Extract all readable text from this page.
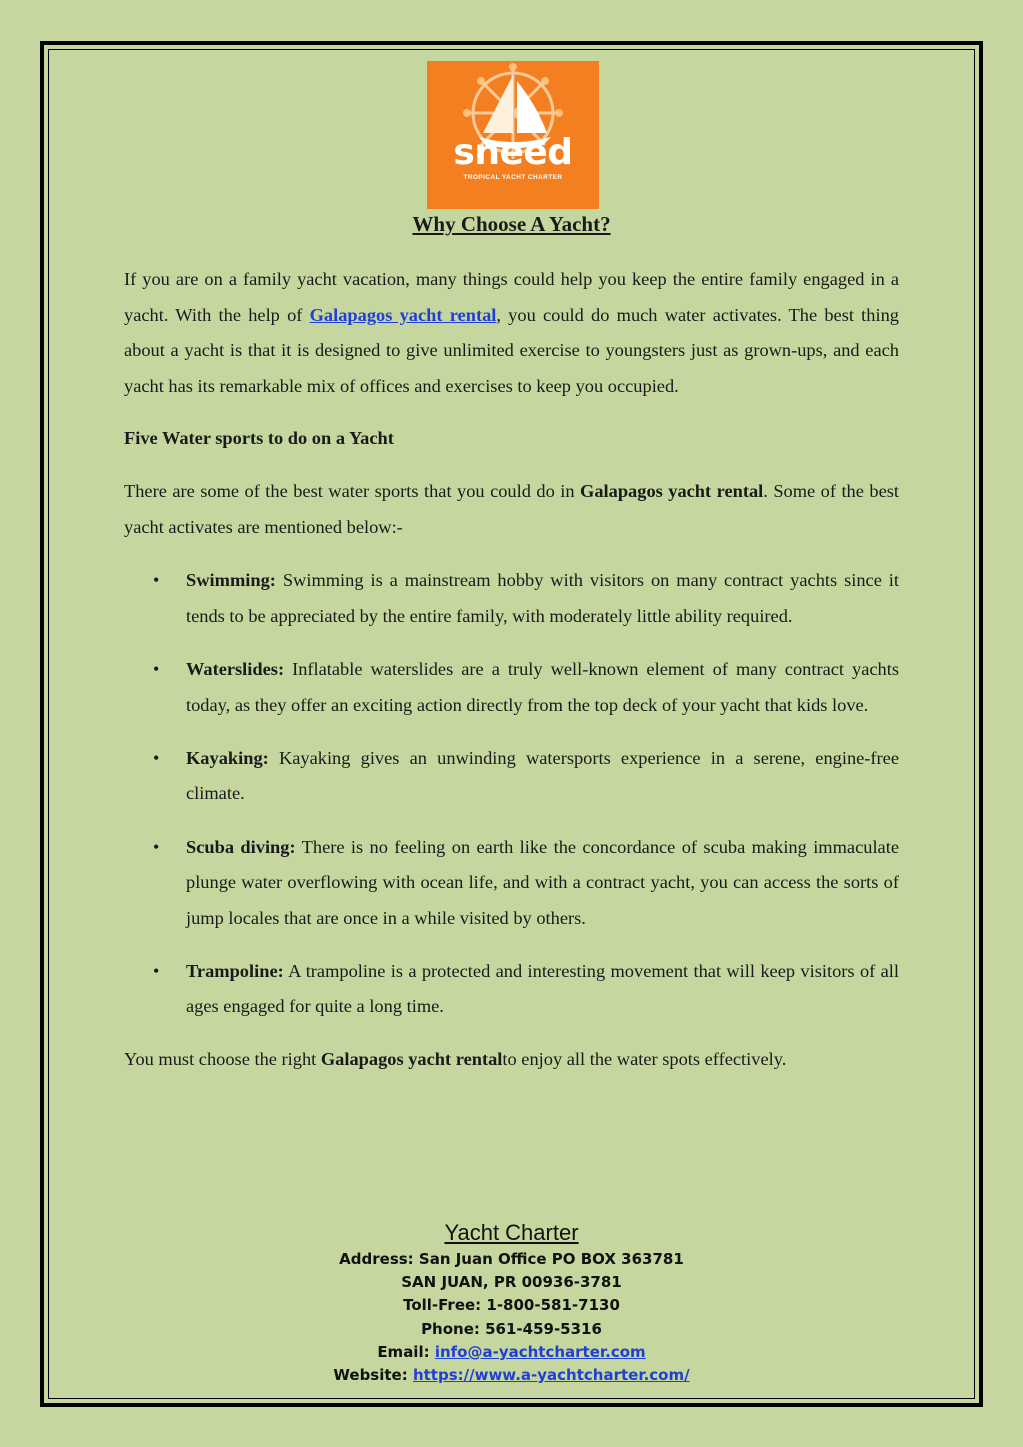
sneed
TROPICAL YACHT CHARTER
Why Choose A Yacht?

If you are on a family yacht vacation, many things could help you keep the entire family engaged in a yacht. With the help of Galapagos yacht rental, you could do much water activates. The best thing about a yacht is that it is designed to give unlimited exercise to youngsters just as grown-ups, and each yacht has its remarkable mix of offices and exercises to keep you occupied.

Five Water sports to do on a Yacht

There are some of the best water sports that you could do in Galapagos yacht rental. Some of the best yacht activates are mentioned below:-

• Swimming: Swimming is a mainstream hobby with visitors on many contract yachts since it tends to be appreciated by the entire family, with moderately little ability required.
• Waterslides: Inflatable waterslides are a truly well-known element of many contract yachts today, as they offer an exciting action directly from the top deck of your yacht that kids love.
• Kayaking: Kayaking gives an unwinding watersports experience in a serene, engine-free climate.
• Scuba diving: There is no feeling on earth like the concordance of scuba making immaculate plunge water overflowing with ocean life, and with a contract yacht, you can access the sorts of jump locales that are once in a while visited by others.
• Trampoline: A trampoline is a protected and interesting movement that will keep visitors of all ages engaged for quite a long time.

You must choose the right Galapagos yacht rentalto enjoy all the water spots effectively.

Yacht Charter
Address: San Juan Office PO BOX 363781
SAN JUAN, PR 00936-3781
Toll-Free: 1-800-581-7130
Phone: 561-459-5316
Email: info@a-yachtcharter.com
Website: https://www.a-yachtcharter.com/
